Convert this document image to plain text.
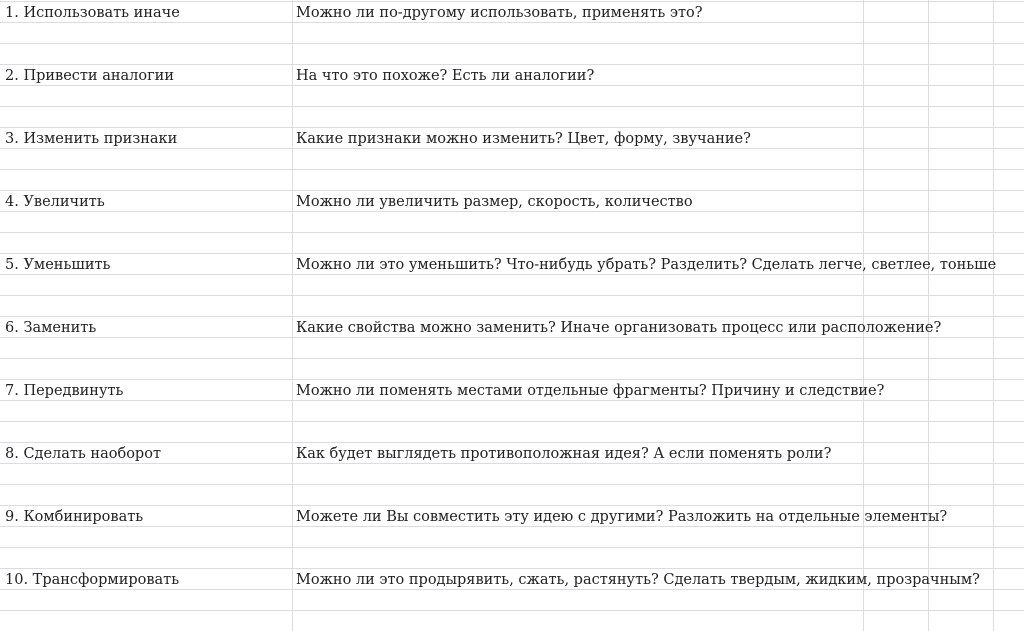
1. Использовать иначе	Можно ли по-другому использовать, применять это?
2. Привести аналогии	На что это похоже? Есть ли аналогии?
3. Изменить признаки	Какие признаки можно изменить? Цвет, форму, звучание?
4. Увеличить	Можно ли увеличить размер, скорость, количество
5. Уменьшить	Можно ли это уменьшить? Что-нибудь убрать? Разделить? Сделать легче, светлее, тоньше
6. Заменить	Какие свойства можно заменить? Иначе организовать процесс или расположение?
7. Передвинуть	Можно ли поменять местами отдельные фрагменты? Причину и следствие?
8. Сделать наоборот	Как будет выглядеть противоположная идея? А если поменять роли?
9. Комбинировать	Можете ли Вы совместить эту идею с другими? Разложить на отдельные элементы?
10. Трансформировать	Можно ли это продырявить, сжать, растянуть? Сделать твердым, жидким, прозрачным?
